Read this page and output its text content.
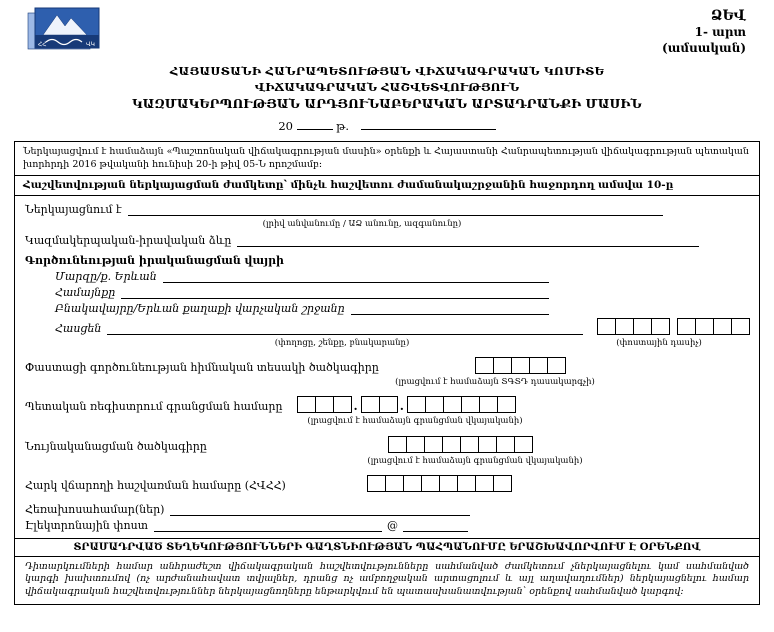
ՀՀ	ՎԿ
ՁԵՎ
1- արտ
(ամսական)
ՀԱՅԱՍՏԱՆԻ ՀԱՆՐԱՊԵՏՈՒԹՅԱՆ ՎԻՃԱԿԱԳՐԱԿԱՆ ԿՈՄԻՏԵ
ՎԻՃԱԿԱԳՐԱԿԱՆ ՀԱՇՎԵՏՎՈՒԹՅՈՒՆ
ԿԱԶՄԱԿԵՐՊՈՒԹՅԱՆ ԱՐԴՅՈՒՆԱԲԵՐԱԿԱՆ ԱՐՏԱԴՐԱՆՔԻ ՄԱՍԻՆ
20	թ.
Ներկայացվում է համաձայն «Պաշտոնական վիճակագրության մասին» օրենքի և Հայաստանի Հանրապետության վիճակագրության պետական խորհրդի 2016 թվականի հունիսի 20-ի թիվ 05-Ն որոշմամբ։
Հաշվետվության ներկայացման ժամկետը՝ մինչև հաշվետու ժամանակաշրջանին հաջորդող ամսվա 10-ը
Ներկայացնում է
(լրիվ անվանումը / ԱՁ անունը, ազգանունը)
Կազմակերպական-իրավական ձևը
Գործունեության իրականացման վայրի
Մարզը/ք. Երևան
Համայնքը
Բնակավայրը/Երևան քաղաքի վարչական շրջանը
Հասցեն
(փողոցը, շենքը, բնակարանը)	(փոստային դասիչ)
Փաստացի գործունեության հիմնական տեսակի ծածկագիրը
(լրացվում է համաձայն ՏԳՏԴ դասակարգչի)
Պետական ռեգիստրում գրանցման համարը	.	.
(լրացվում է համաձայն գրանցման վկայականի)
Նույնականացման ծածկագիրը
(լրացվում է համաձայն գրանցման վկայականի)
Հարկ վճարողի հաշվառման համարը (ՀՎՀՀ)
Հեռախոսահամար(ներ)
Էլեկտրոնային փոստ	@
ՏՐԱՄԱԴՐՎԱԾ ՏԵՂԵԿՈՒԹՅՈՒՆՆԵՐԻ ԳԱՂՏՆԻՈՒԹՅԱՆ ՊԱՀՊԱՆՈՒՄԸ ԵՐԱՇԽԱՎՈՐՎՈՒՄ Է ՕՐԵՆՔՈՎ
Դիտարկումների համար անհրաժեշտ վիճակագրական հաշվետվությունները սահմանված ժամկետում չներկայացնելու կամ սահմանված կարգի խախտումով (ոչ արժանահավատ տվյալներ, դրանց ոչ ամբողջական արտացոլում և այլ աղավաղումներ) ներկայացնելու համար վիճակագրական հաշվետվություններ ներկայացնողները ենթարկվում են պատասխանատվության՝ օրենքով սահմանված կարգով։
